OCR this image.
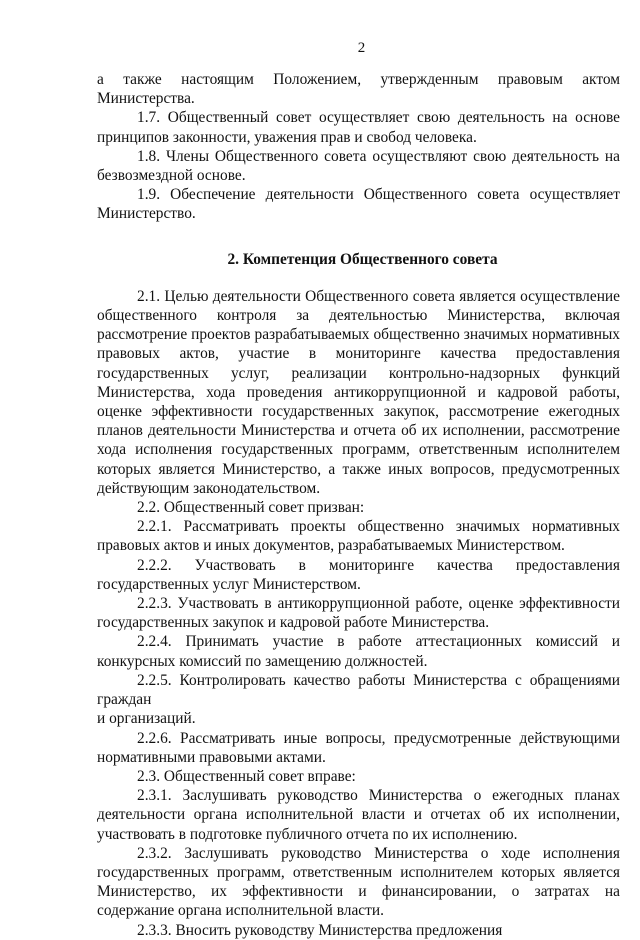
2

а также настоящим Положением, утвержденным правовым актом Министерства.

1.7. Общественный совет осуществляет свою деятельность на основе принципов законности, уважения прав и свобод человека.

1.8. Члены Общественного совета осуществляют свою деятельность на безвозмездной основе.

1.9. Обеспечение деятельности Общественного совета осуществляет Министерство.

2. Компетенция Общественного совета

2.1. Целью деятельности Общественного совета является осуществление общественного контроля за деятельностью Министерства, включая рассмотрение проектов разрабатываемых общественно значимых нормативных правовых актов, участие в мониторинге качества предоставления государственных услуг, реализации контрольно-надзорных функций Министерства, хода проведения антикоррупционной и кадровой работы, оценке эффективности государственных закупок, рассмотрение ежегодных планов деятельности Министерства и отчета об их исполнении, рассмотрение хода исполнения государственных программ, ответственным исполнителем которых является Министерство, а также иных вопросов, предусмотренных действующим законодательством.

2.2. Общественный совет призван:

2.2.1. Рассматривать проекты общественно значимых нормативных правовых актов и иных документов, разрабатываемых Министерством.

2.2.2. Участвовать в мониторинге качества предоставления государственных услуг Министерством.

2.2.3. Участвовать в антикоррупционной работе, оценке эффективности государственных закупок и кадровой работе Министерства.

2.2.4. Принимать участие в работе аттестационных комиссий и конкурсных комиссий по замещению должностей.

2.2.5. Контролировать качество работы Министерства с обращениями граждан

и организаций.

2.2.6. Рассматривать иные вопросы, предусмотренные действующими нормативными правовыми актами.

2.3. Общественный совет вправе:

2.3.1. Заслушивать руководство Министерства о ежегодных планах деятельности органа исполнительной власти и отчетах об их исполнении, участвовать в подготовке публичного отчета по их исполнению.

2.3.2. Заслушивать руководство Министерства о ходе исполнения государственных программ, ответственным исполнителем которых является Министерство, их эффективности и финансировании, о затратах на содержание органа исполнительной власти.

2.3.3. Вносить руководству Министерства предложения
